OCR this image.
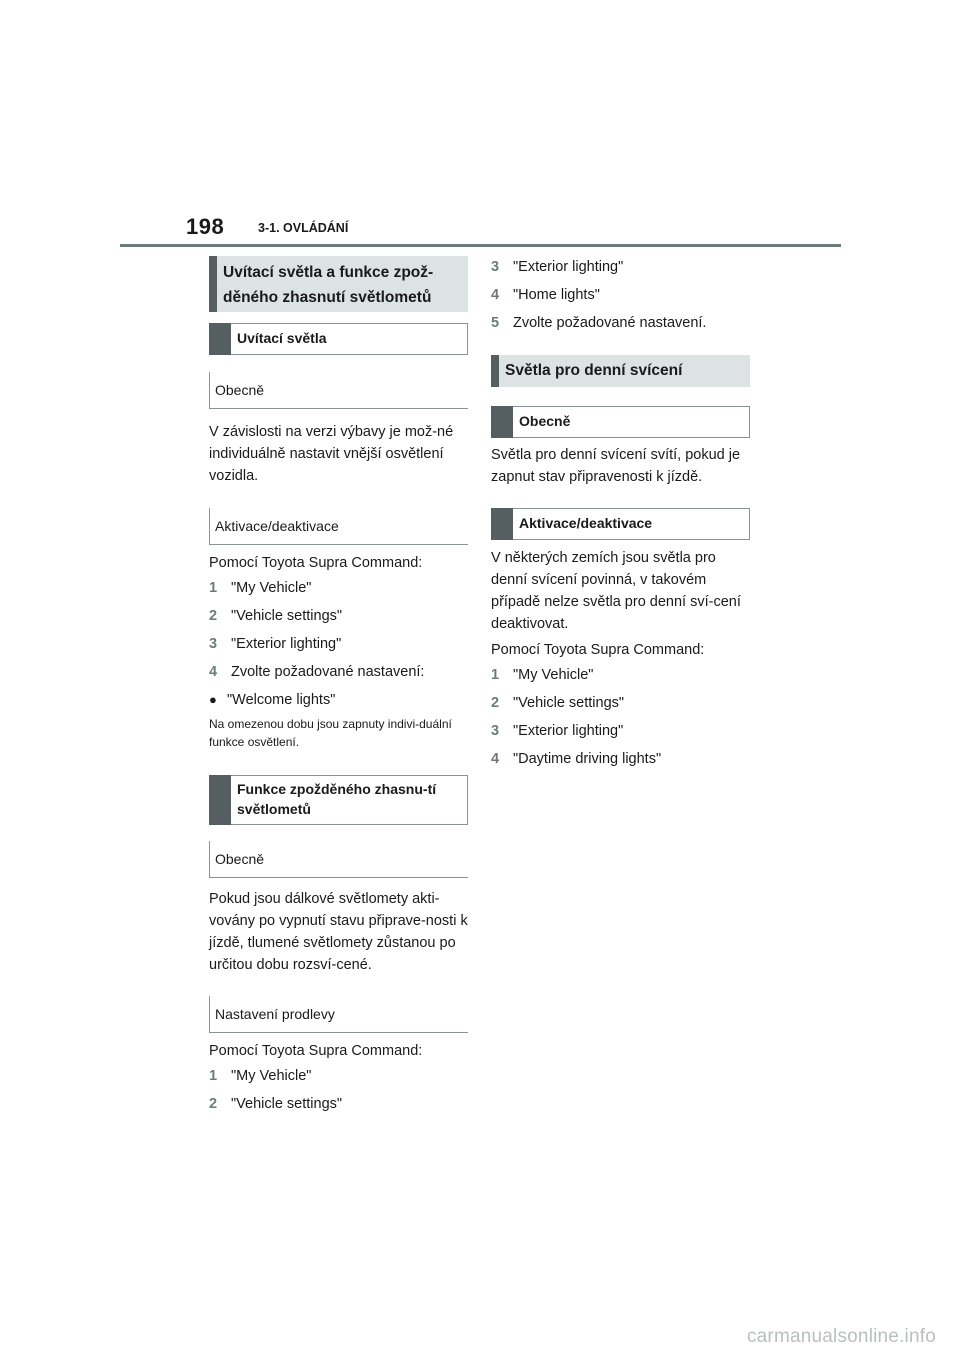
198	3-1. OVLÁDÁNÍ
Uvítací světla a funkce zpož-děného zhasnutí světlometů
Uvítací světla
Obecně

V závislosti na verzi výbavy je mož-né individuálně nastavit vnější osvětlení vozidla.

Aktivace/deaktivace

Pomocí Toyota Supra Command:

1 "My Vehicle"
2 "Vehicle settings"
3 "Exterior lighting"
4 Zvolte požadované nastavení:
● "Welcome lights"

Na omezenou dobu jsou zapnuty indivi-duální funkce osvětlení.

Funkce zpožděného zhasnu-tí světlometů
Obecně

Pokud jsou dálkové světlomety akti-vovány po vypnutí stavu připrave-nosti k jízdě, tlumené světlomety zůstanou po určitou dobu rozsví-cené.

Nastavení prodlevy

Pomocí Toyota Supra Command:

1 "My Vehicle"
2 "Vehicle settings"
3 "Exterior lighting"
4 "Home lights"
5 Zvolte požadované nastavení.
Světla pro denní svícení
Obecně

Světla pro denní svícení svítí, pokud je zapnut stav připravenosti k jízdě.

Aktivace/deaktivace

V některých zemích jsou světla pro denní svícení povinná, v takovém případě nelze světla pro denní sví-cení deaktivovat.

Pomocí Toyota Supra Command:

1 "My Vehicle"
2 "Vehicle settings"
3 "Exterior lighting"
4 "Daytime driving lights"
carmanualsonline.info
